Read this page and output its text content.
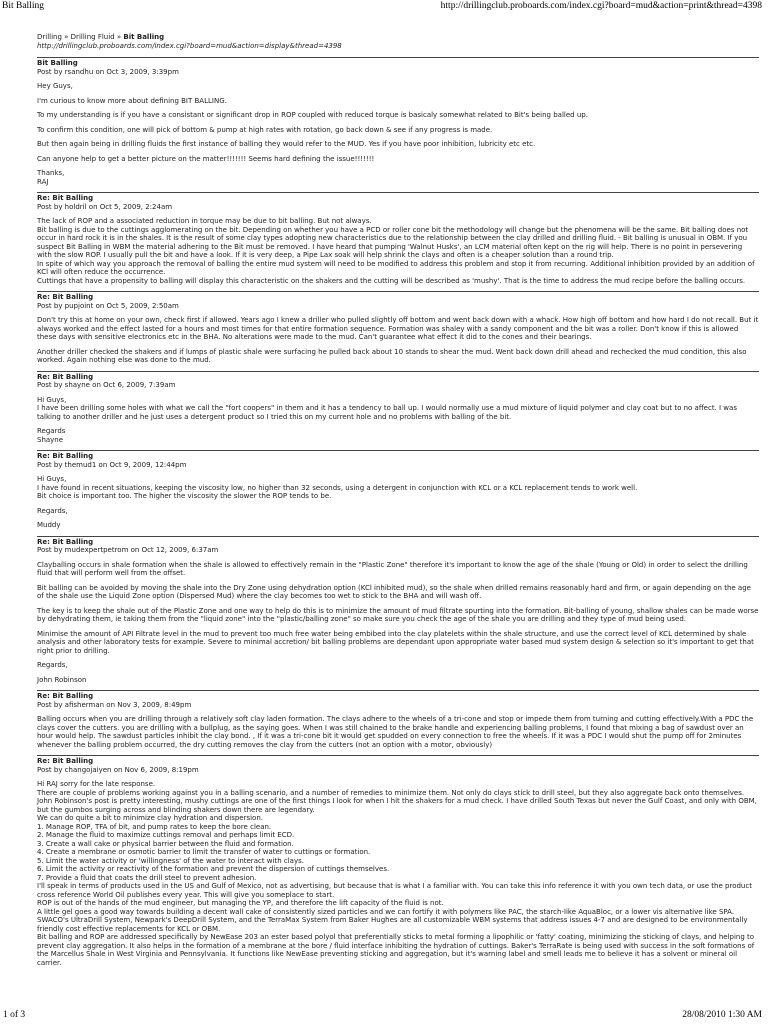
Bit Balling	http://drillingclub.proboards.com/index.cgi?board=mud&action=print&thread=4398
Drilling » Drilling Fluid » Bit Balling
http://drillingclub.proboards.com/index.cgi?board=mud&action=display&thread=4398
Bit Balling
Post by rsandhu on Oct 3, 2009, 3:39pm

Hey Guys,

I'm curious to know more about defining BIT BALLING.

To my understanding is if you have a consistant or significant drop in ROP coupled with reduced torque is basicaly somewhat related to Bit's being balled up.

To confirm this condition, one will pick of bottom & pump at high rates with rotation, go back down & see if any progress is made.

But then again being in drilling fluids the first instance of balling they would refer to the MUD. Yes if you have poor inhibition, lubricity etc etc.

Can anyone help to get a better picture on the matter!!!!!!! Seems hard defining the issue!!!!!!!

Thanks,
RAJ

Re: Bit Balling
Post by holdril on Oct 5, 2009, 2:24am

The lack of ROP and a associated reduction in torque may be due to bit balling. But not always.
Bit balling is due to the cuttings agglomerating on the bit. Depending on whether you have a PCD or roller cone bit the methodology will change but the phenomena will be the same. Bit balling does not occur in hard rock it is in the shales. It is the result of some clay types adopting new characteristics due to the relationship between the clay drilled and drilling fluid. - Bit balling is unusual in OBM. If you suspect Bit Balling in WBM the material adhering to the Bit must be removed. I have heard that pumping 'Walnut Husks', an LCM material often kept on the rig will help. There is no point in persevering with the slow ROP. I usually pull the bit and have a look. If it is very deep, a Pipe Lax soak will help shrink the clays and often is a cheaper solution than a round trip.
In spite of which way you approach the removal of balling the entire mud system will need to be modified to address this problem and stop it from recurring. Additional inhibition provided by an addition of KCl will often reduce the occurrence.
Cuttings that have a propensity to balling will display this characteristic on the shakers and the cutting will be described as 'mushy'. That is the time to address the mud recipe before the balling occurs.

Re: Bit Balling
Post by pupjoint on Oct 5, 2009, 2:50am

Don't try this at home on your own, check first if allowed. Years ago I knew a driller who pulled slightly off bottom and went back down with a whack. How high off bottom and how hard I do not recall. But it always worked and the effect lasted for a hours and most times for that entire formation sequence. Formation was shaley with a sandy component and the bit was a roller. Don't know if this is allowed these days with sensitive electronics etc in the BHA. No alterations were made to the mud. Can't guarantee what effect it did to the cones and their bearings.

Another driller checked the shakers and if lumps of plastic shale were surfacing he pulled back about 10 stands to shear the mud. Went back down drill ahead and rechecked the mud condition, this also worked. Again nothing else was done to the mud.

Re: Bit Balling
Post by shayne on Oct 6, 2009, 7:39am

Hi Guys,
I have been drilling some holes with what we call the "fort coopers" in them and it has a tendency to ball up. I would normally use a mud mixture of liquid polymer and clay coat but to no affect. I was talking to another driller and he just uses a detergent product so I tried this on my current hole and no problems with balling of the bit.

Regards
Shayne

Re: Bit Balling
Post by themud1 on Oct 9, 2009, 12:44pm

Hi Guys,
I have found in recent situations, keeping the viscosity low, no higher than 32 seconds, using a detergent in conjunction with KCL or a KCL replacement tends to work well.
Bit choice is important too. The higher the viscosity the slower the ROP tends to be.

Regards,

Muddy

Re: Bit Balling
Post by mudexpertpetrom on Oct 12, 2009, 6:37am

Clayballing occurs in shale formation when the shale is allowed to effectively remain in the "Plastic Zone" therefore it's important to know the age of the shale (Young or Old) in order to select the drilling fluid that will perform well from the offset.

Bit balling can be avoided by moving the shale into the Dry Zone using dehydration option (KCl inhibited mud), so the shale when drilled remains reasonably hard and firm, or again depending on the age of the shale use the Liquid Zone option (Dispersed Mud) where the clay becomes too wet to stick to the BHA and will wash off.

The key is to keep the shale out of the Plastic Zone and one way to help do this is to minimize the amount of mud filtrate spurting into the formation. Bit-balling of young, shallow shales can be made worse by dehydrating them, ie taking them from the "liquid zone" into the "plastic/balling zone" so make sure you check the age of the shale you are drilling and they type of mud being used.

Minimise the amount of API Filtrate level in the mud to prevent too much free water being embibed into the clay platelets within the shale structure, and use the correct level of KCL determined by shale analysis and other laboratory tests for example. Severe to minimal accretion/ bit balling problems are dependant upon appropriate water based mud system design & selection so it's important to get that right prior to drilling.

Regards,

John Robinson

Re: Bit Balling
Post by afisherman on Nov 3, 2009, 8:49pm

Balling occurs when you are drilling through a relatively soft clay laden formation. The clays adhere to the wheels of a tri-cone and stop or impede them from turning and cutting effectively.With a PDC the clays cover the cutters. you are drilling with a bullplug, as the saying goes. When I was still chained to the brake handle and experiencing balling problems, I found that mixing a bag of sawdust over an hour would help. The sawdust particles inhibit the clay bond. , If it was a tri-cone bit it would get spudded on every connection to free the wheels. If it was a PDC I would shut the pump off for 2minutes whenever the balling problem occurred, the dry cutting removes the clay from the cutters (not an option with a motor, obviously)

Re: Bit Balling
Post by changojaiyen on Nov 6, 2009, 8:19pm

Hi RAJ sorry for the late response.
There are couple of problems working against you in a balling scenario, and a number of remedies to minimize them. Not only do clays stick to drill steel, but they also aggregate back onto themselves. John Robinson's post is pretty interesting, mushy cuttings are one of the first things I look for when I hit the shakers for a mud check. I have drilled South Texas but never the Gulf Coast, and only with OBM, but the gumbos surging across and blinding shakers down there are legendary.
We can do quite a bit to minimize clay hydration and dispersion.
1. Manage ROP, TFA of bit, and pump rates to keep the bore clean.
2. Manage the fluid to maximize cuttings removal and perhaps limit ECD.
3. Create a wall cake or physical barrier between the fluid and formation.
4. Create a membrane or osmotic barrier to limit the transfer of water to cuttings or formation.
5. Limit the water activity or 'willingness' of the water to interact with clays.
6. Limit the activity or reactivity of the formation and prevent the dispersion of cuttings themselves.
7. Provide a fluid that coats the drill steel to prevent adhesion.
I'll speak in terms of products used in the US and Gulf of Mexico, not as advertising, but because that is what I a familiar with. You can take this info reference it with you own tech data, or use the product cross reference World Oil publishes every year. This will give you someplace to start.
ROP is out of the hands of the mud engineer, but managing the YP, and therefore the lift capacity of the fluid is not.
A little gel goes a good way towards building a decent wall cake of consistently sized particles and we can fortify it with polymers like PAC, the starch-like AquaBloc, or a lower vis alternative like SPA.
SWACO's UltraDrill System, Newpark's DeepDrill System, and the TerraMax System from Baker Hughes are all customizable WBM systems that address issues 4-7 and are designed to be environmentally friendly cost effective replacements for KCL or OBM.
Bit balling and ROP are addressed specifically by NewEase 203 an ester based polyol that preferentially sticks to metal forming a lipophilic or 'fatty' coating, minimizing the sticking of clays, and helping to prevent clay aggregation. It also helps in the formation of a membrane at the bore / fluid interface inhibiting the hydration of cuttings. Baker's TerraRate is being used with success in the soft formations of the Marcellus Shale in West Virginia and Pennsylvania. It functions like NewEase preventing sticking and aggregation, but it's warning label and smell leads me to believe it has a solvent or mineral oil carrier.

1 of 3	28/08/2010 1:30 AM
